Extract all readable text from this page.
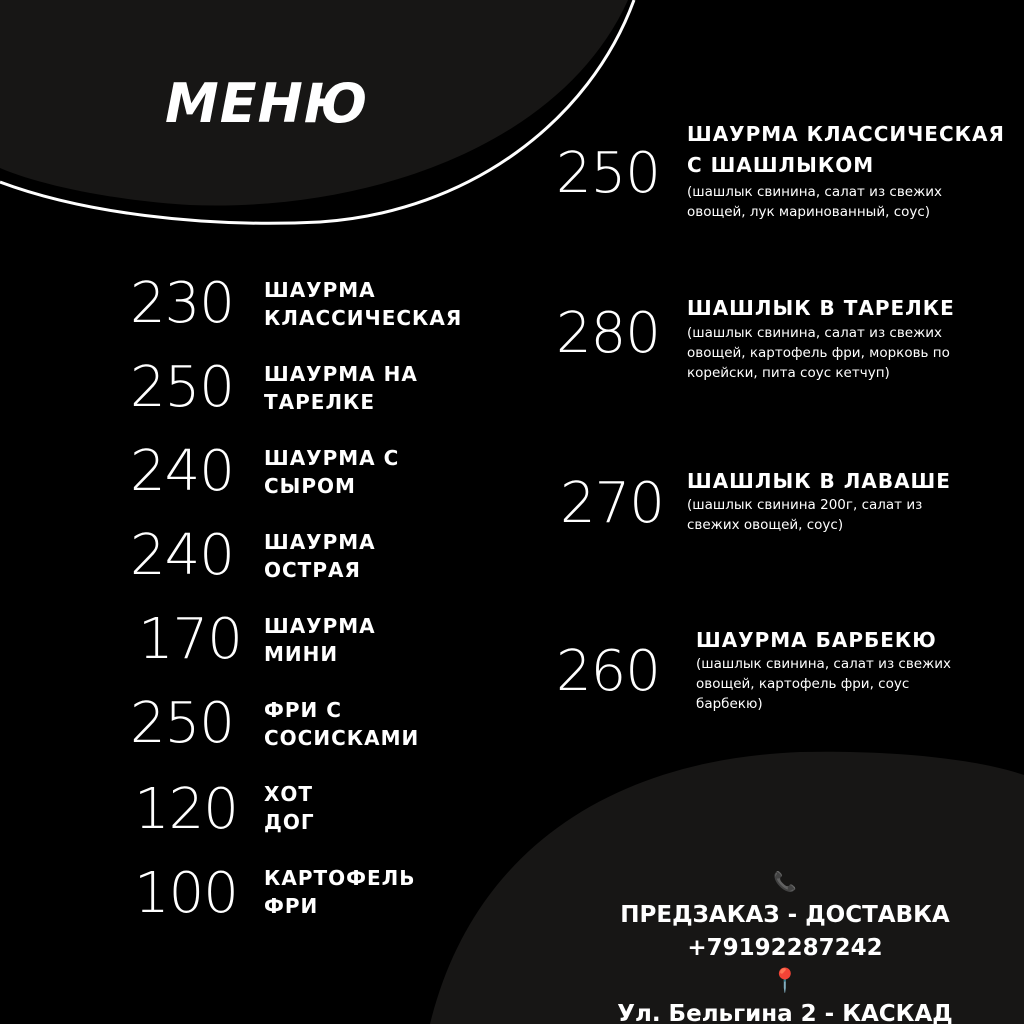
МЕНЮ
230 ШАУРМА
КЛАССИЧЕСКАЯ
250 ШАУРМА НА
ТАРЕЛКЕ
240 ШАУРМА С
СЫРОМ
240 ШАУРМА
ОСТРАЯ
170 ШАУРМА
МИНИ
250 ФРИ С
СОСИСКАМИ
120 ХОТ
ДОГ
100 КАРТОФЕЛЬ
ФРИ
250
ШАУРМА КЛАССИЧЕСКАЯ
С ШАШЛЫКОМ
(шашлык свинина, салат из свежих
овощей, лук маринованный, соус)
280 ШАШЛЫК В ТАРЕЛКЕ
(шашлык свинина, салат из свежих
овощей, картофель фри, морковь по
корейски, пита соус кетчуп)
270 ШАШЛЫК В ЛАВАШЕ
(шашлык свинина 200г, салат из
свежих овощей, соус)
260 ШАУРМА БАРБЕКЮ
(шашлык свинина, салат из свежих
овощей, картофель фри, соус
барбекю)
📞
ПРЕДЗАКАЗ - ДОСТАВКА
+79192287242
📍
Ул. Бельгина 2 - КАСКАД
